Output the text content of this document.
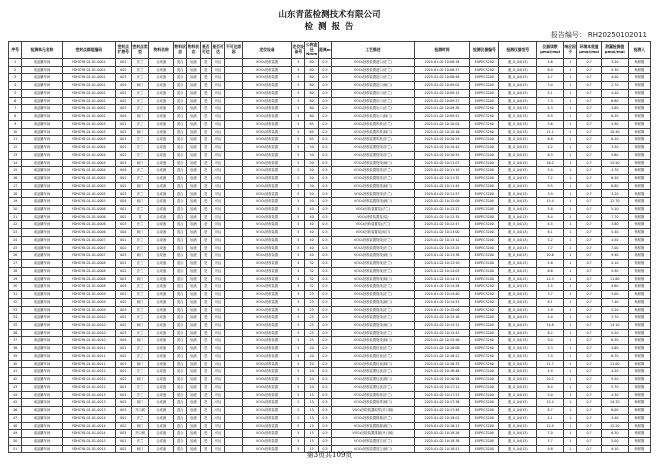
山东青蓝检测技术有限公司
检 测 报 告
报告编号： RH20250102011
序号	检测单元名称	密封点群组编码	密封点扩展号	密封点类型	物料名称	物料状态	物料状态	是否可达	是否可达	不可达原因	定位设备	定位设备号	公称直径Nmm	距离m	工艺描述	检测时间	检测仪器编号	检测仪器型号	仪器读数μmol/mol	响应因子	环境本底值μmol/mol	泄漏检测值μmol/mol	检测人
1	成品罐车间	YDHCY8-01-01-0001	001	法兰	合成液	混合	轻液	是	可达		VOCs回收装置	5	80	0.5	VOCs回收装置进口(法兰)	2025-01-02 10:08:28	EXPEC3200	泄_X_04(13)	4.6	1	0.7	3.20	杨树刚
2	成品罐车间	YDHCY8-01-01-0001	002	法兰	合成液	混合	轻液	是	可达		VOCs回收装置	5	80	0.5	VOCs回收装置进口(法兰)	2025-01-02 10:08:37	EXPEC3200	泄_X_04(13)	6.0	1	0.7	5.30	杨树刚
3	成品罐车间	YDHCY8-01-01-0001	003	法兰	合成液	混合	轻液	是	可达		VOCs回收装置	5	80	0.5	VOCs回收装置进口(法兰)	2025-01-02 10:08:48	EXPEC3200	泄_X_04(13)	4.7	1	0.7	4.00	杨树刚
4	成品罐车间	YDHCY8-01-01-0001	004	阀门	合成液	混合	轻液	是	可达		VOCs回收装置	5	80	0.5	VOCs回收装置进口(阀门)	2025-01-02 10:09:02	EXPEC3200	泄_X_04(13)	3.4	1	0.7	2.70	杨树刚
5	成品罐车间	YDHCY8-01-01-0002	001	法兰	合成液	混合	轻液	是	可达		VOCs回收装置	5	80	0.5	VOCs回收装置出口(法兰)	2025-01-02 10:09:15	EXPEC3200	泄_X_04(13)	5.1	1	0.7	4.40	杨树刚
6	成品罐车间	YDHCY8-01-01-0002	002	法兰	合成液	混合	轻液	是	可达		VOCs回收装置	5	80	0.5	VOCs回收装置出口(法兰)	2025-01-02 10:09:27	EXPEC3200	泄_X_04(13)	7.3	1	0.7	6.60	杨树刚
7	成品罐车间	YDHCY8-01-01-0002	003	法兰	合成液	混合	轻液	是	可达		VOCs回收装置	5	80	0.5	VOCs回收装置出口(法兰)	2025-01-02 10:09:38	EXPEC3200	泄_X_04(13)	4.3	1	0.7	3.60	杨树刚
8	成品罐车间	YDHCY8-01-01-0002	004	阀门	合成液	混合	轻液	是	可达		VOCs回收装置	5	80	0.5	VOCs回收装置出口(阀门)	2025-01-02 10:09:51	EXPEC3200	泄_X_04(13)	8.9	1	0.7	8.20	杨树刚
9	成品罐车间	YDHCY8-01-01-0003	001	法兰	合成液	混合	轻液	是	可达		VOCs回收装置	5	65	0.5	VOCs回收装置风机(法兰)	2025-01-02 10:10:04	EXPEC3200	泄_X_04(13)	5.6	1	0.7	4.90	杨树刚
10	成品罐车间	YDHCY8-01-01-0003	002	阀门	合成液	混合	轻液	是	可达		VOCs回收装置	5	65	0.5	VOCs回收装置风机(阀门)	2025-01-02 10:10:16	EXPEC3200	泄_X_04(13)	11.1	1	0.7	10.40	杨树刚
11	成品罐车间	YDHCY8-01-01-0003	003	法兰	合成液	混合	轻液	是	可达		VOCs回收装置	5	65	0.5	VOCs回收装置风机(法兰)	2025-01-02 10:10:29	EXPEC3200	泄_X_04(13)	6.8	1	0.7	6.10	杨树刚
12	成品罐车间	YDHCY8-01-01-0004	001	法兰	合成液	混合	轻液	是	可达		VOCs回收装置	5	50	0.5	VOCs回收装置管线(法兰)	2025-01-02 10:10:42	EXPEC3200	泄_X_04(13)	4.2	1	0.7	3.50	杨树刚
13	成品罐车间	YDHCY8-01-01-0004	002	法兰	合成液	混合	轻液	是	可达		VOCs回收装置	5	50	0.5	VOCs回收装置管线(法兰)	2025-01-02 10:10:55	EXPEC3200	泄_X_04(13)	6.3	1	0.7	5.60	杨树刚
14	成品罐车间	YDHCY8-01-01-0004	003	阀门	合成液	混合	轻液	是	可达		VOCs回收装置	5	50	0.5	VOCs回收装置管线(阀门)	2025-01-02 10:11:07	EXPEC3200	泄_X_04(13)	16.2	1	0.7	15.50	杨树刚
15	成品罐车间	YDHCY8-01-01-0004	004	法兰	合成液	混合	轻液	是	可达		VOCs回收装置	5	50	0.5	VOCs回收装置管线(法兰)	2025-01-02 10:11:19	EXPEC3200	泄_X_04(13)	5.4	1	0.7	4.70	杨树刚
16	成品罐车间	YDHCY8-01-01-0005	001	法兰	合成液	混合	轻液	是	可达		VOCs回收装置	5	50	0.5	VOCs回收装置管线(法兰)	2025-01-02 10:11:32	EXPEC3200	泄_X_04(13)	7.2	1	0.7	6.50	杨树刚
17	成品罐车间	YDHCY8-01-01-0005	002	阀门	合成液	混合	轻液	是	可达		VOCs回收装置	5	50	0.5	VOCs回收装置管线(阀门)	2025-01-02 10:11:44	EXPEC3200	泄_X_04(13)	9.5	1	0.7	8.80	杨树刚
18	成品罐车间	YDHCY8-01-01-0005	003	法兰	合成液	混合	轻液	是	可达		VOCs回收装置	5	50	0.5	VOCs回收装置管线(法兰)	2025-01-02 10:11:57	EXPEC3200	泄_X_04(13)	3.9	1	0.7	3.20	杨树刚
19	成品罐车间	YDHCY8-01-01-0005	004	阀门	合成液	混合	轻液	是	可达		VOCs回收装置	5	50	0.5	VOCs回收装置管线(阀门)	2025-01-02 10:12:09	EXPEC3200	泄_X_04(13)	13.4	1	0.7	12.70	杨树刚
20	成品罐车间	YDHCY8-01-01-0006	001	法兰	合成液	混合	轻液	是	可达		VOCs回收装置	5	40	0.5	VOCs回收装置泵(法兰)	2025-01-02 10:12:22	EXPEC3200	泄_X_04(13)	5.8	1	0.7	5.10	杨树刚
21	成品罐车间	YDHCY8-01-01-0006	002	泵	合成液	混合	轻液	是	可达		VOCs回收装置	5	40	0.5	VOCs回收装置泵(泵)	2025-01-02 10:12:35	EXPEC3200	泄_X_04(13)	8.4	1	0.7	7.70	杨树刚
22	成品罐车间	YDHCY8-01-01-0006	003	法兰	合成液	混合	轻液	是	可达		VOCs回收装置	5	40	0.5	VOCs回收装置泵(法兰)	2025-01-02 10:12:47	EXPEC3200	泄_X_04(13)	4.5	1	0.7	3.80	杨树刚
23	成品罐车间	YDHCY8-01-01-0006	004	阀门	合成液	混合	轻液	是	可达		VOCs回收装置	5	40	0.5	VOCs回收装置泵(阀门)	2025-01-02 10:13:00	EXPEC3200	泄_X_04(13)	6.1	1	0.7	5.40	杨树刚
24	成品罐车间	YDHCY8-01-01-0007	001	法兰	合成液	混合	轻液	是	可达		VOCs回收装置	5	40	0.5	VOCs回收装置管线(法兰)	2025-01-02 10:13:12	EXPEC3200	泄_X_04(13)	5.2	1	0.7	4.50	杨树刚
25	成品罐车间	YDHCY8-01-01-0007	002	法兰	合成液	混合	轻液	是	可达		VOCs回收装置	5	40	0.5	VOCs回收装置管线(法兰)	2025-01-02 10:13:25	EXPEC3200	泄_X_04(13)	7.7	1	0.7	7.00	杨树刚
26	成品罐车间	YDHCY8-01-01-0007	003	阀门	合成液	混合	轻液	是	可达		VOCs回收装置	5	40	0.5	VOCs回收装置管线(阀门)	2025-01-02 10:13:38	EXPEC3200	泄_X_04(13)	10.6	1	0.7	9.90	杨树刚
27	成品罐车间	YDHCY8-01-01-0008	001	法兰	合成液	混合	轻液	是	可达		VOCs回收装置	5	32	0.5	VOCs回收装置管线(法兰)	2025-01-02 10:13:50	EXPEC3200	泄_X_04(13)	4.8	1	0.7	4.10	杨树刚
28	成品罐车间	YDHCY8-01-01-0008	002	法兰	合成液	混合	轻液	是	可达		VOCs回收装置	5	32	0.5	VOCs回收装置管线(法兰)	2025-01-02 10:14:03	EXPEC3200	泄_X_04(13)	6.6	1	0.7	5.90	杨树刚
29	成品罐车间	YDHCY8-01-01-0008	003	阀门	合成液	混合	轻液	是	可达		VOCs回收装置	5	32	0.5	VOCs回收装置管线(阀门)	2025-01-02 10:14:15	EXPEC3200	泄_X_04(13)	12.3	1	0.7	11.60	杨树刚
30	成品罐车间	YDHCY8-01-01-0008	004	法兰	合成液	混合	轻液	是	可达		VOCs回收装置	5	32	0.5	VOCs回收装置管线(法兰)	2025-01-02 10:14:28	EXPEC3200	泄_X_04(13)	5.5	1	0.7	4.80	杨树刚
31	成品罐车间	YDHCY8-01-01-0009	001	法兰	合成液	混合	轻液	是	可达		VOCs回收装置	5	25	0.5	VOCs回收装置管线(法兰)	2025-01-02 10:14:40	EXPEC3200	泄_X_04(13)	3.7	1	0.7	3.00	杨树刚
32	成品罐车间	YDHCY8-01-01-0009	002	阀门	合成液	混合	轻液	是	可达		VOCs回收装置	5	25	0.5	VOCs回收装置管线(阀门)	2025-01-02 10:14:53	EXPEC3200	泄_X_04(13)	8.1	1	0.7	7.40	杨树刚
33	成品罐车间	YDHCY8-01-01-0009	003	法兰	合成液	混合	轻液	是	可达		VOCs回收装置	5	25	0.5	VOCs回收装置管线(法兰)	2025-01-02 10:15:06	EXPEC3200	泄_X_04(13)	5.9	1	0.7	5.20	杨树刚
34	成品罐车间	YDHCY8-01-01-0010	001	法兰	合成液	混合	轻液	是	可达		VOCs回收装置	5	25	0.5	VOCs回收装置管线(法兰)	2025-01-02 10:15:18	EXPEC3200	泄_X_04(13)	4.4	1	0.7	3.70	杨树刚
35	成品罐车间	YDHCY8-01-01-0010	002	阀门	合成液	混合	轻液	是	可达		VOCs回收装置	5	25	0.5	VOCs回收装置管线(阀门)	2025-01-02 10:15:31	EXPEC3200	泄_X_04(13)	14.8	1	0.7	14.10	杨树刚
36	成品罐车间	YDHCY8-01-01-0010	003	法兰	合成液	混合	轻液	是	可达		VOCs回收装置	5	25	0.5	VOCs回收装置管线(法兰)	2025-01-02 10:15:43	EXPEC3200	泄_X_04(13)	6.2	1	0.7	5.50	杨树刚
37	成品罐车间	YDHCY8-01-01-0010	004	阀门	合成液	混合	轻液	是	可达		VOCs回收装置	5	25	0.5	VOCs回收装置管线(阀门)	2025-01-02 10:15:56	EXPEC3200	泄_X_04(13)	9.0	1	0.7	8.30	杨树刚
38	成品罐车间	YDHCY8-01-01-0011	001	法兰	合成液	混合	轻液	是	可达		VOCs回收装置	5	20	0.5	VOCs回收装置仪表(法兰)	2025-01-02 10:16:08	EXPEC3200	泄_X_04(13)	5.3	1	0.7	4.60	杨树刚
39	成品罐车间	YDHCY8-01-01-0011	002	法兰	合成液	混合	轻液	是	可达		VOCs回收装置	5	20	0.5	VOCs回收装置仪表(法兰)	2025-01-02 10:16:21	EXPEC3200	泄_X_04(13)	7.4	1	0.7	6.70	杨树刚
40	成品罐车间	YDHCY8-01-01-0011	003	阀门	合成液	混合	轻液	是	可达		VOCs回收装置	5	20	0.5	VOCs回收装置仪表(阀门)	2025-01-02 10:16:33	EXPEC3200	泄_X_04(13)	11.7	1	0.7	11.00	杨树刚
41	成品罐车间	YDHCY8-01-01-0012	001	法兰	合成液	混合	轻液	是	可达		VOCs回收装置	5	20	0.5	VOCs回收装置仪表(法兰)	2025-01-02 10:16:46	EXPEC3200	泄_X_04(13)	4.9	1	0.7	4.20	杨树刚
42	成品罐车间	YDHCY8-01-01-0012	002	阀门	合成液	混合	轻液	是	可达		VOCs回收装置	5	20	0.5	VOCs回收装置仪表(阀门)	2025-01-02 10:16:58	EXPEC3200	泄_X_04(13)	10.2	1	0.7	9.50	杨树刚
43	成品罐车间	YDHCY8-01-01-0012	003	法兰	合成液	混合	轻液	是	可达		VOCs回收装置	5	20	0.5	VOCs回收装置仪表(法兰)	2025-01-02 10:17:11	EXPEC3200	泄_X_04(13)	6.4	1	0.7	5.70	杨树刚
44	成品罐车间	YDHCY8-01-01-0013	001	法兰	合成液	混合	轻液	是	可达		VOCs回收装置	5	15	0.5	VOCs回收装置取样(法兰)	2025-01-02 10:17:23	EXPEC3200	泄_X_04(13)	5.0	1	0.7	4.30	杨树刚
45	成品罐车间	YDHCY8-01-01-0013	002	阀门	合成液	混合	轻液	是	可达		VOCs回收装置	5	15	0.5	VOCs回收装置取样(阀门)	2025-01-02 10:17:36	EXPEC3200	泄_X_04(13)	15.4	1	0.7	14.70	杨树刚
46	成品罐车间	YDHCY8-01-01-0013	003	开口阀	合成液	混合	轻液	是	可达		VOCs回收装置	5	15	0.5	VOCs回收装置取样(开口阀)	2025-01-02 10:17:48	EXPEC3200	泄_X_04(13)	8.7	1	0.7	8.00	杨树刚
47	成品罐车间	YDHCY8-01-01-0014	001	法兰	合成液	混合	轻液	是	可达		VOCs回收装置	5	15	0.5	VOCs回收装置排凝(法兰)	2025-01-02 10:18:01	EXPEC3200	泄_X_04(13)	4.1	1	0.7	3.40	杨树刚
48	成品罐车间	YDHCY8-01-01-0014	002	阀门	合成液	混合	轻液	是	可达		VOCs回收装置	5	15	0.5	VOCs回收装置排凝(阀门)	2025-01-02 10:18:13	EXPEC3200	泄_X_04(13)	12.9	1	0.7	12.20	杨树刚
49	成品罐车间	YDHCY8-01-01-0014	003	开口阀	合成液	混合	轻液	是	可达		VOCs回收装置	5	15	0.5	VOCs回收装置排凝(开口阀)	2025-01-02 10:18:26	EXPEC3200	泄_X_04(13)	7.0	1	0.7	6.30	杨树刚
50	成品罐车间	YDHCY8-01-01-0015	001	法兰	合成液	混合	轻液	是	可达		VOCs回收装置	5	15	0.5	VOCs回收装置放空(法兰)	2025-01-02 10:18:38	EXPEC3200	泄_X_04(13)	5.7	1	0.7	5.00	杨树刚
51	成品罐车间	YDHCY8-01-01-0015	002	阀门	合成液	混合	轻液	是	可达		VOCs回收装置	5	15	0.5	VOCs回收装置放空(阀门)	2025-01-02 10:18:51	EXPEC3200	泄_X_04(13)	9.8	1	0.7	9.10	杨树刚
第3页共109页
